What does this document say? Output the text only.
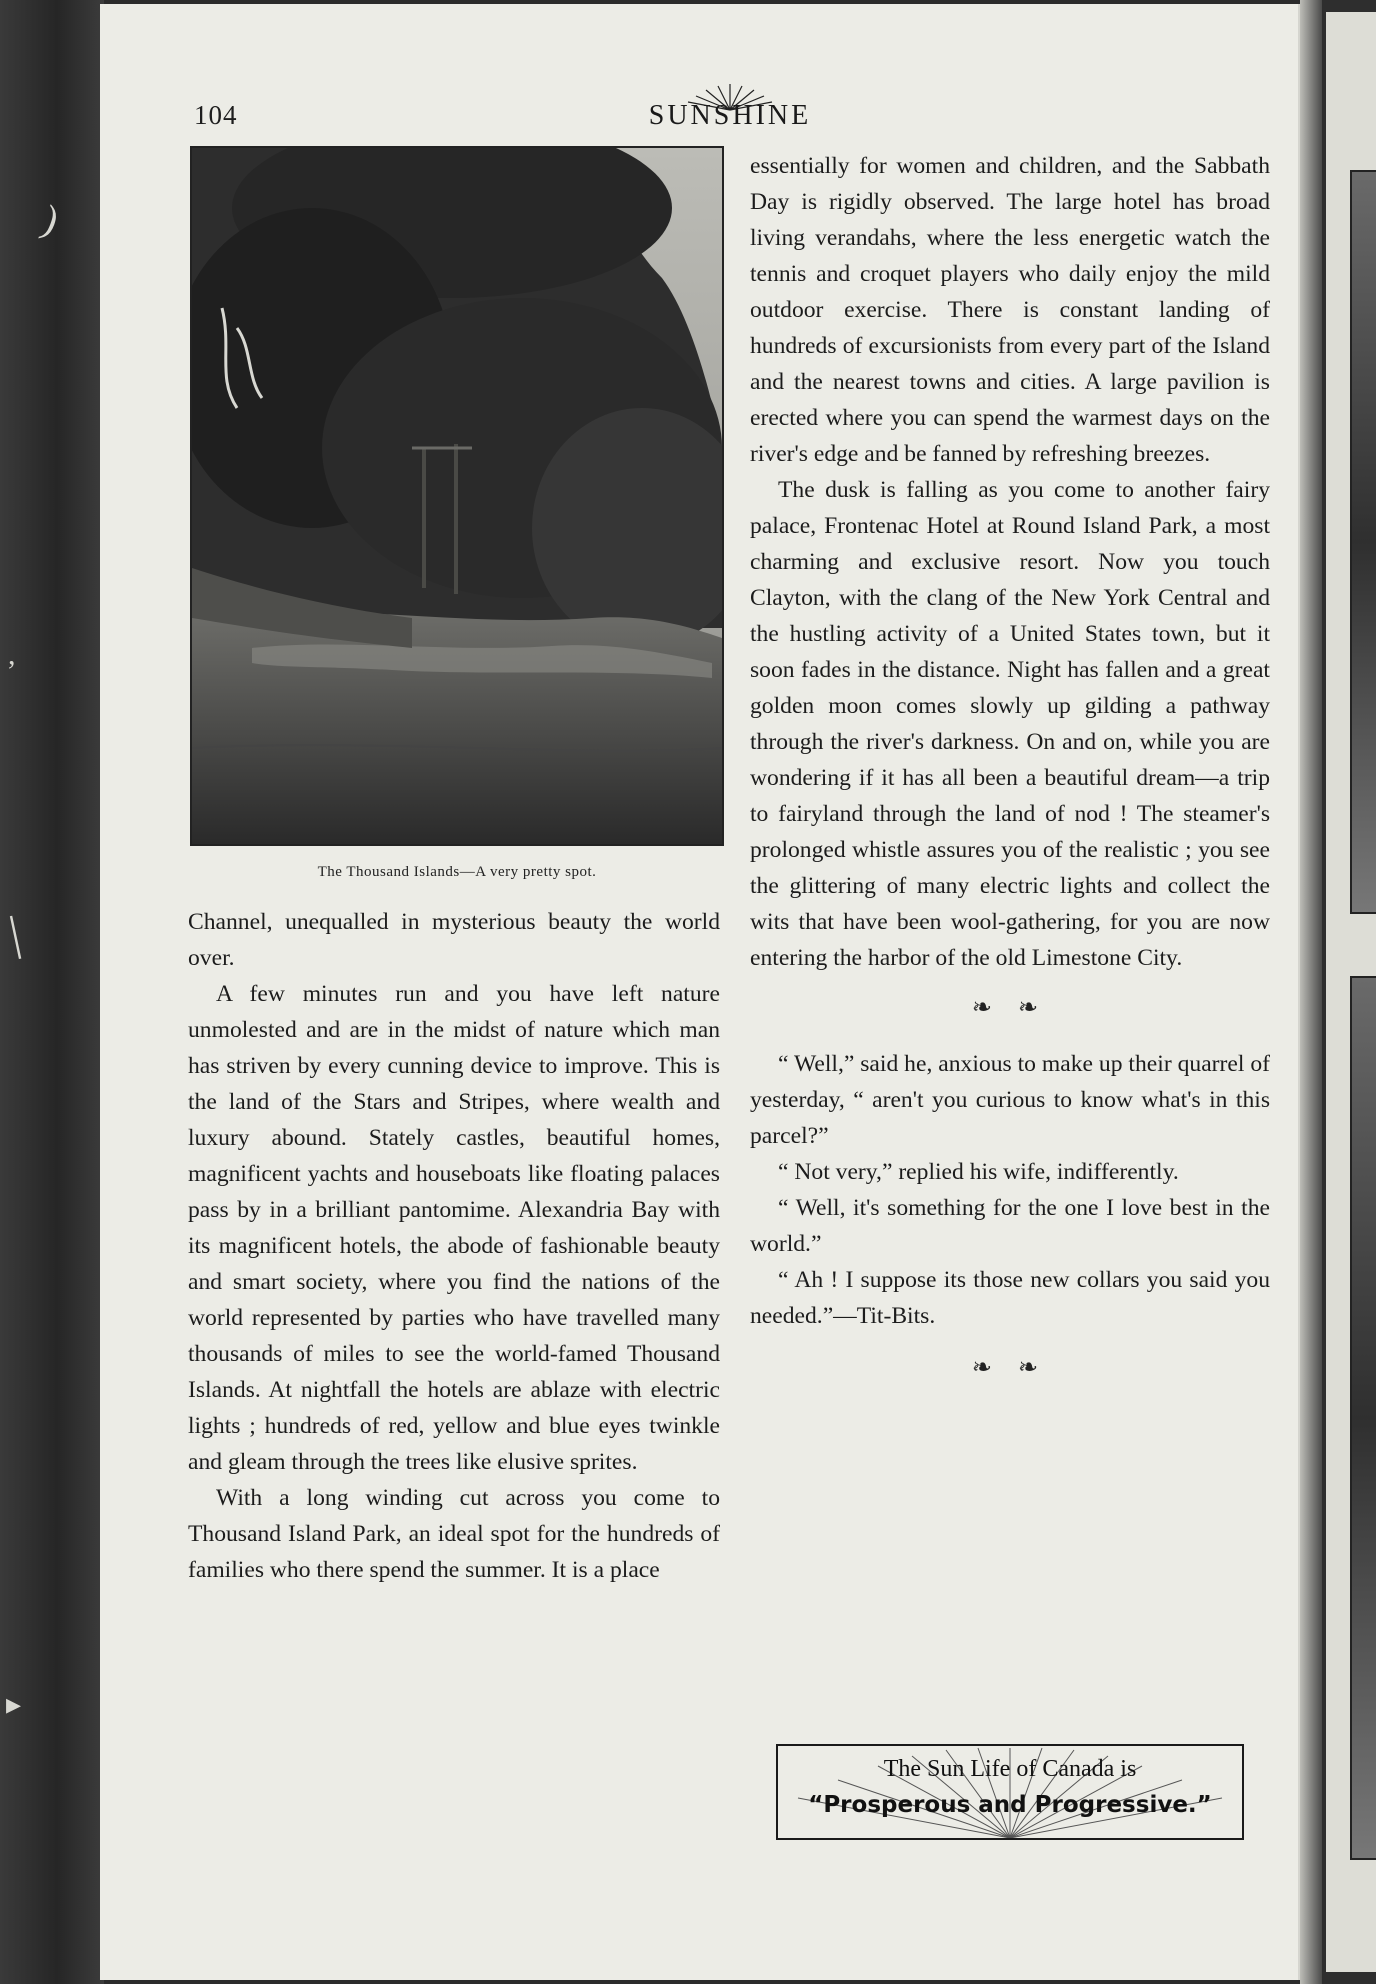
)
,
|
▸
104	SUNSHINE
The Thousand Islands—A very pretty spot.

Channel, unequalled in mysterious beauty the world over.

A few minutes run and you have left nature unmolested and are in the midst of nature which man has striven by every cunning device to improve. This is the land of the Stars and Stripes, where wealth and luxury abound. Stately castles, beautiful homes, magnificent yachts and houseboats like floating palaces pass by in a brilliant pantomime. Alexandria Bay with its magnificent hotels, the abode of fashionable beauty and smart society, where you find the nations of the world represented by parties who have travelled many thousands of miles to see the world-famed Thousand Islands. At nightfall the hotels are ablaze with electric lights ; hundreds of red, yellow and blue eyes twinkle and gleam through the trees like elusive sprites.

With a long winding cut across you come to Thousand Island Park, an ideal spot for the hundreds of families who there spend the summer. It is a place

essentially for women and children, and the Sabbath Day is rigidly observed. The large hotel has broad living verandahs, where the less energetic watch the tennis and croquet players who daily enjoy the mild outdoor exercise. There is constant landing of hundreds of excursionists from every part of the Island and the nearest towns and cities. A large pavilion is erected where you can spend the warmest days on the river's edge and be fanned by refreshing breezes.

The dusk is falling as you come to another fairy palace, Frontenac Hotel at Round Island Park, a most charming and exclusive resort. Now you touch Clayton, with the clang of the New York Central and the hustling activity of a United States town, but it soon fades in the distance. Night has fallen and a great golden moon comes slowly up gilding a pathway through the river's darkness. On and on, while you are wondering if it has all been a beautiful dream—a trip to fairyland through the land of nod ! The steamer's prolonged whistle assures you of the realistic ; you see the glittering of many electric lights and collect the wits that have been wool-gathering, for you are now entering the harbor of the old Limestone City.

❧ ❧

“ Well,” said he, anxious to make up their quarrel of yesterday, “ aren't you curious to know what's in this parcel?”

“ Not very,” replied his wife, indifferently.

“ Well, it's something for the one I love best in the world.”

“ Ah ! I suppose its those new collars you said you needed.”—Tit-Bits.

❧ ❧
The Sun Life of Canada is
“Prosperous and Progressive.”
